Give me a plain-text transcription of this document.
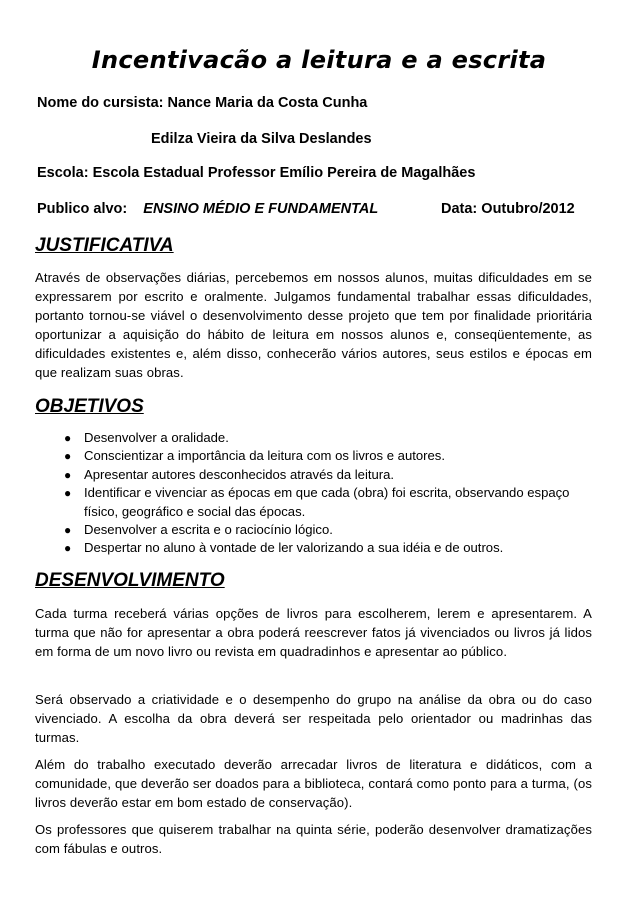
Incentivacão a leitura e a escrita
Nome do cursista: Nance Maria da Costa Cunha
Edilza Vieira da Silva Deslandes
Escola: Escola Estadual Professor Emílio Pereira de Magalhães
Publico alvo: ENSINO MÉDIO E FUNDAMENTAL	Data: Outubro/2012
JUSTIFICATIVA
Através de observações diárias, percebemos em nossos alunos, muitas dificuldades em se expressarem por escrito e oralmente. Julgamos fundamental trabalhar essas dificuldades, portanto tornou-se viável o desenvolvimento desse projeto que tem por finalidade prioritária oportunizar a aquisição do hábito de leitura em nossos alunos e, conseqüentemente, as dificuldades existentes e, além disso, conhecerão vários autores, seus estilos e épocas em que realizam suas obras.
OBJETIVOS
● Desenvolver a oralidade.
● Conscientizar a importância da leitura com os livros e autores.
● Apresentar autores desconhecidos através da leitura.
● Identificar e vivenciar as épocas em que cada (obra) foi escrita, observando espaço físico, geográfico e social das épocas.
● Desenvolver a escrita e o raciocínio lógico.
● Despertar no aluno à vontade de ler valorizando a sua idéia e de outros.
DESENVOLVIMENTO
Cada turma receberá várias opções de livros para escolherem, lerem e apresentarem. A turma que não for apresentar a obra poderá reescrever fatos já vivenciados ou livros já lidos em forma de um novo livro ou revista em quadradinhos e apresentar ao público.
Será observado a criatividade e o desempenho do grupo na análise da obra ou do caso vivenciado. A escolha da obra deverá ser respeitada pelo orientador ou madrinhas das turmas.
Além do trabalho executado deverão arrecadar livros de literatura e didáticos, com a comunidade, que deverão ser doados para a biblioteca, contará como ponto para a turma, (os livros deverão estar em bom estado de conservação).
Os professores que quiserem trabalhar na quinta série, poderão desenvolver dramatizações com fábulas e outros.
